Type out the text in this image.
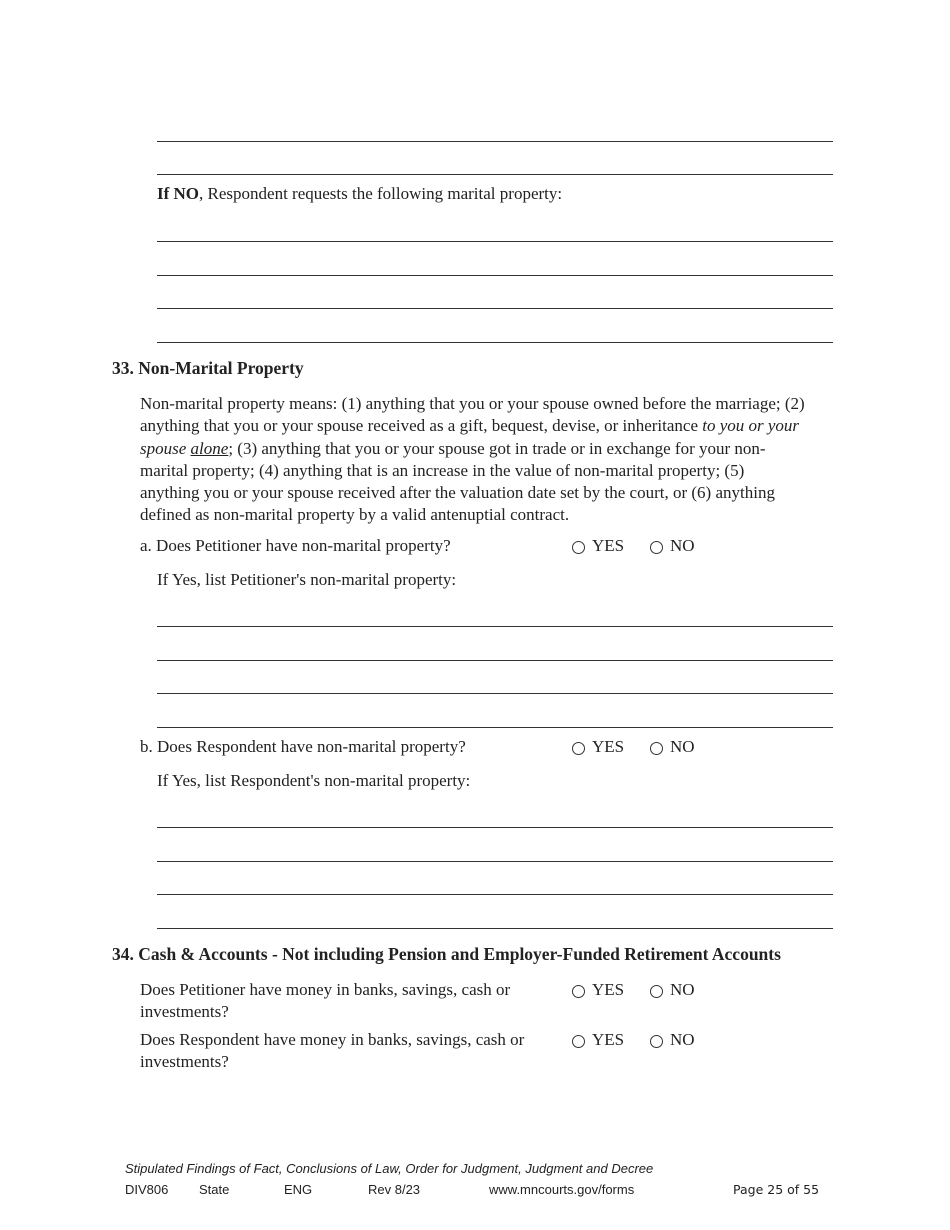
If NO, Respondent requests the following marital property:
33. Non-Marital Property
Non-marital property means: (1) anything that you or your spouse owned before the marriage; (2)
anything that you or your spouse received as a gift, bequest, devise, or inheritance to you or your
spouse alone; (3) anything that you or your spouse got in trade or in exchange for your non-
marital property; (4) anything that is an increase in the value of non-marital property; (5)
anything you or your spouse received after the valuation date set by the court, or (6) anything
defined as non-marital property by a valid antenuptial contract.
a. Does Petitioner have non-marital property?	YES	NO
If Yes, list Petitioner's non-marital property:
b. Does Respondent have non-marital property?	YES	NO
If Yes, list Respondent's non-marital property:
34. Cash & Accounts - Not including Pension and Employer-Funded Retirement Accounts
Does Petitioner have money in banks, savings, cash or investments?
YES	NO
Does Respondent have money in banks, savings, cash or investments?
YES	NO
Stipulated Findings of Fact, Conclusions of Law, Order for Judgment, Judgment and Decree
DIV806 State	ENG	Rev 8/23	www.mncourts.gov/forms	Page 25 of 55
